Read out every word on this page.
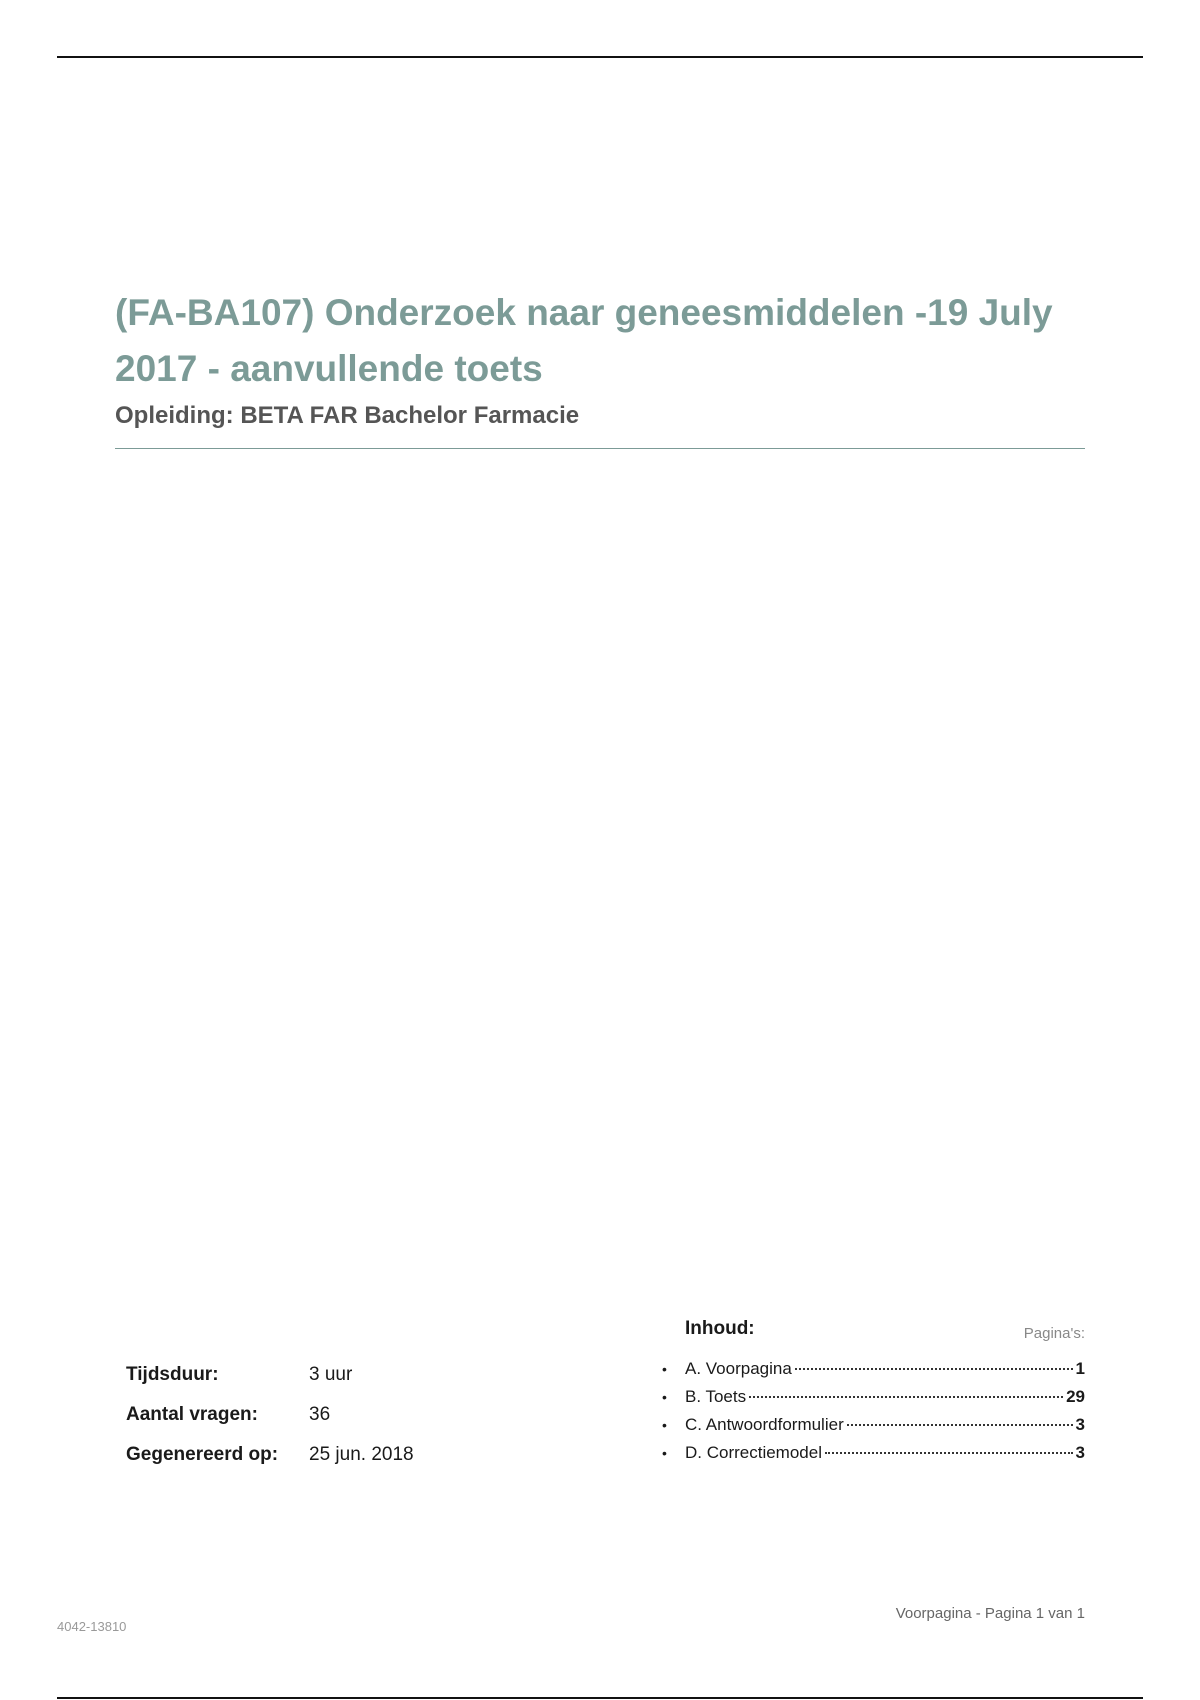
(FA-BA107) Onderzoek naar geneesmiddelen -19 July 2017 - aanvullende toets
Opleiding: BETA FAR Bachelor Farmacie
Tijdsduur:	3 uur
Aantal vragen:	36
Gegenereerd op:	25 jun. 2018
Inhoud:	Pagina's:
•	A. Voorpagina	1
•	B. Toets	29
•	C. Antwoordformulier	3
•	D. Correctiemodel	3
4042-13810
Voorpagina - Pagina 1 van 1
